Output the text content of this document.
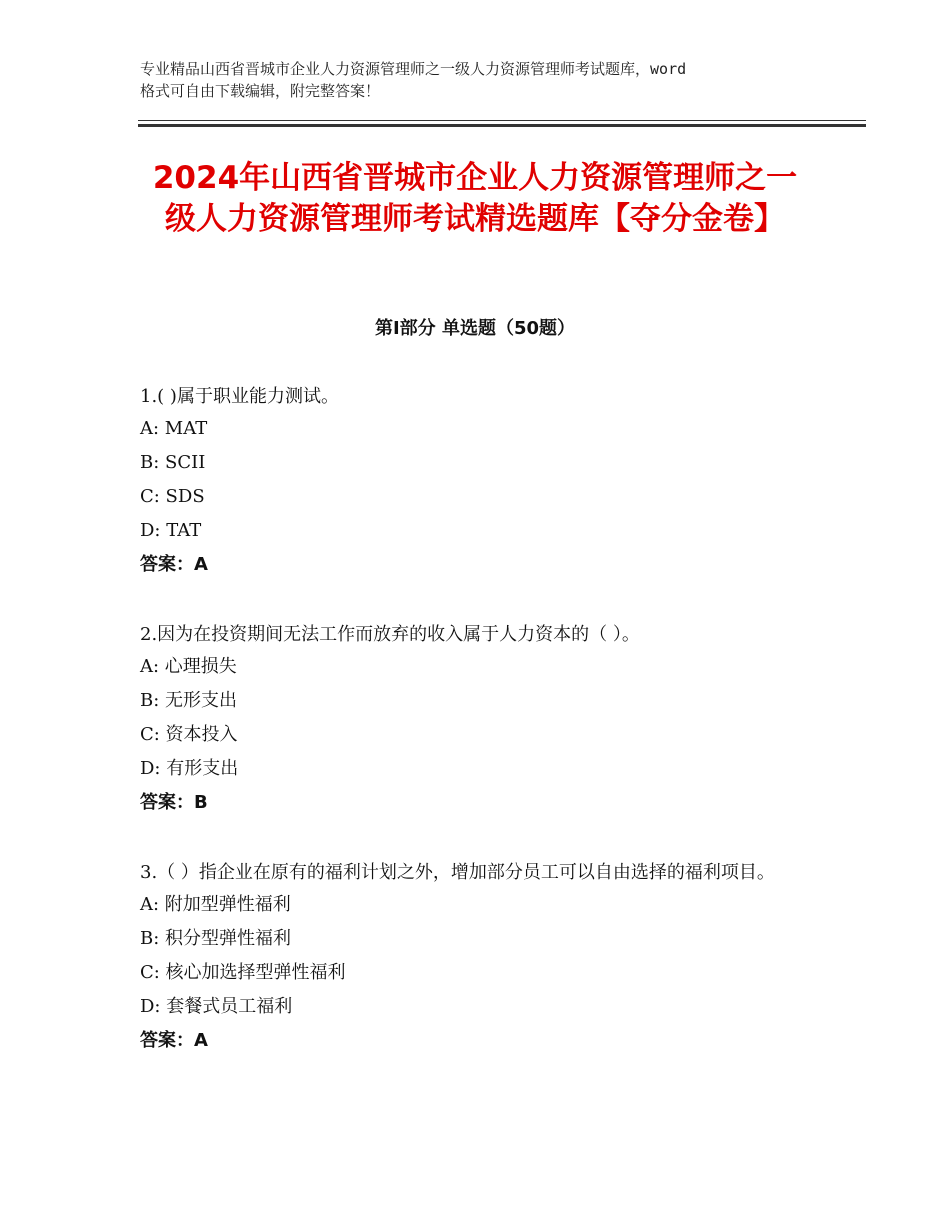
专业精品山西省晋城市企业人力资源管理师之一级人力资源管理师考试题库，word
格式可自由下载编辑，附完整答案！
2024年山西省晋城市企业人力资源管理师之一级人力资源管理师考试精选题库【夺分金卷】
第Ⅰ部分 单选题（50题）
1.( )属于职业能力测试。
A: MAT
B: SCII
C: SDS
D: TAT
答案：A
2.因为在投资期间无法工作而放弃的收入属于人力资本的（ ）。
A: 心理损失
B: 无形支出
C: 资本投入
D: 有形支出
答案：B
3.（ ）指企业在原有的福利计划之外，增加部分员工可以自由选择的福利项目。
A: 附加型弹性福利
B: 积分型弹性福利
C: 核心加选择型弹性福利
D: 套餐式员工福利
答案：A
